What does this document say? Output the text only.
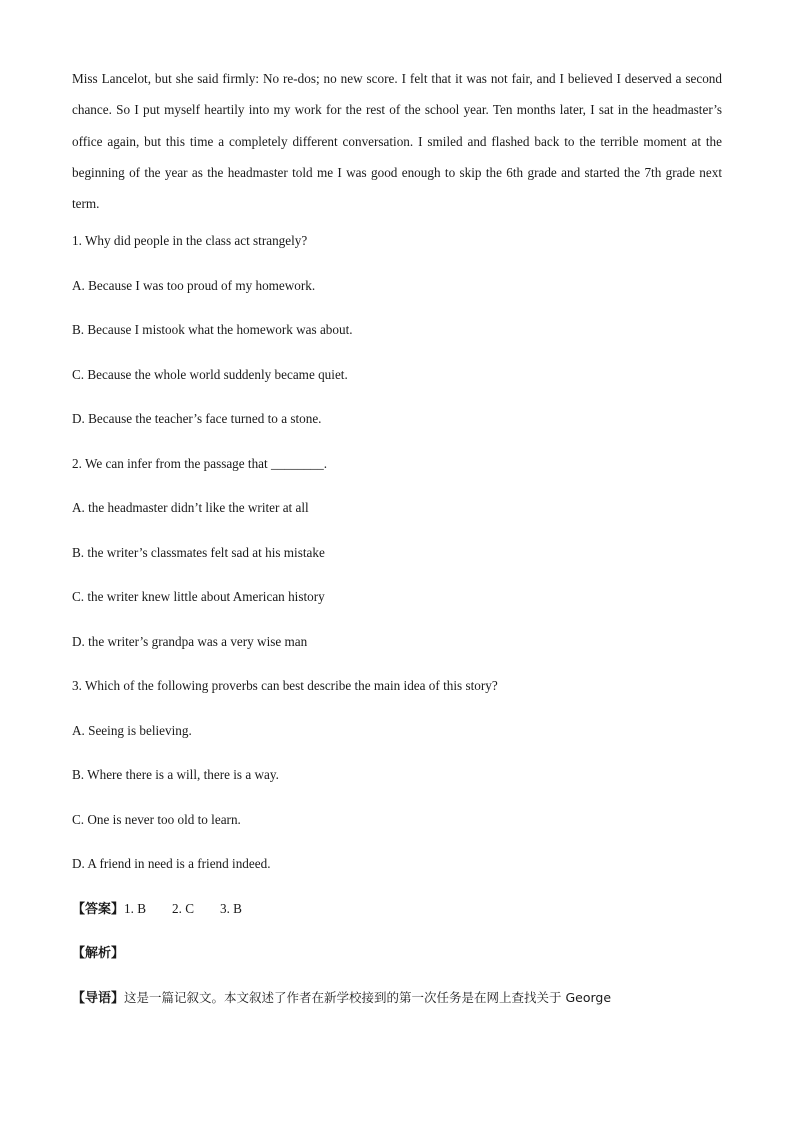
Miss Lancelot, but she said firmly: No re-dos; no new score. I felt that it was not fair, and I believed I deserved a second chance. So I put myself heartily into my work for the rest of the school year. Ten months later, I sat in the headmaster’s office again, but this time a completely different conversation. I smiled and flashed back to the terrible moment at the beginning of the year as the headmaster told me I was good enough to skip the 6th grade and started the 7th grade next term.

1. Why did people in the class act strangely?

A. Because I was too proud of my homework.

B. Because I mistook what the homework was about.

C. Because the whole world suddenly became quiet.

D. Because the teacher’s face turned to a stone.

2. We can infer from the passage that ________.

A. the headmaster didn’t like the writer at all

B. the writer’s classmates felt sad at his mistake

C. the writer knew little about American history

D. the writer’s grandpa was a very wise man

3. Which of the following proverbs can best describe the main idea of this story?

A. Seeing is believing.

B. Where there is a will, there is a way.

C. One is never too old to learn.

D. A friend in need is a friend indeed.

【答案】1. B 2. C 3. B

【解析】

【导语】这是一篇记叙文。本文叙述了作者在新学校接到的第一次任务是在网上查找关于 George
